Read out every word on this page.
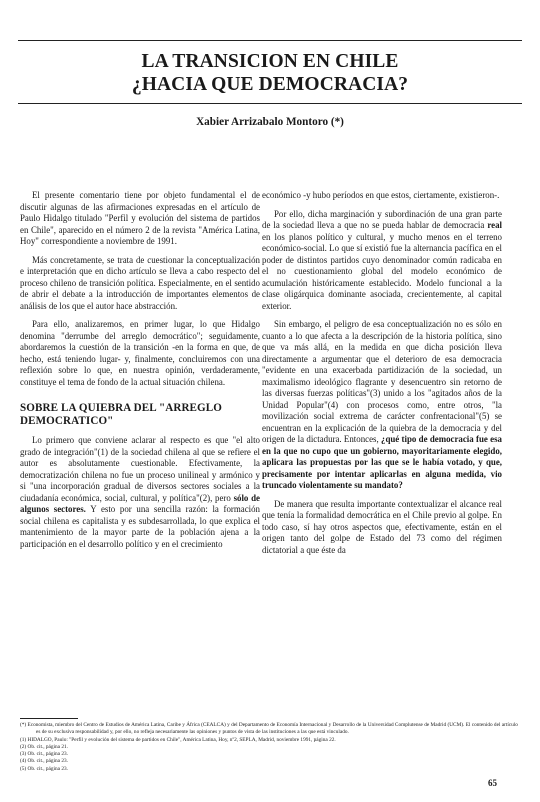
LA TRANSICION EN CHILE
¿HACIA QUE DEMOCRACIA?
Xabier Arrizabalo Montoro (*)

El presente comentario tiene por objeto fundamental el de discutir algunas de las afirmaciones expresadas en el artículo de Paulo Hidalgo titulado "Perfil y evolución del sistema de partidos en Chile", aparecido en el número 2 de la revista "América Latina, Hoy" correspondiente a noviembre de 1991.

Más concretamente, se trata de cuestionar la conceptualización e interpretación que en dicho artículo se lleva a cabo respecto del proceso chileno de transición política. Especialmente, en el sentido de abrir el debate a la introducción de importantes elementos de análisis de los que el autor hace abstracción.

Para ello, analizaremos, en primer lugar, lo que Hidalgo denomina "derrumbe del arreglo democrático"; seguidamente, abordaremos la cuestión de la transición -en la forma en que, de hecho, está teniendo lugar- y, finalmente, concluiremos con una reflexión sobre lo que, en nuestra opinión, verdaderamente, constituye el tema de fondo de la actual situación chilena.

SOBRE LA QUIEBRA DEL "ARREGLO DEMOCRATICO"

Lo primero que conviene aclarar al respecto es que "el alto grado de integración"(1) de la sociedad chilena al que se refiere el autor es absolutamente cuestionable. Efectivamente, la democratización chilena no fue un proceso unilineal y armónico y si "una incorporación gradual de diversos sectores sociales a la ciudadanía económica, social, cultural, y política"(2), pero sólo de algunos sectores. Y esto por una sencilla razón: la formación social chilena es capitalista y es subdesarrollada, lo que explica el mantenimiento de la mayor parte de la población ajena a la participación en el desarrollo político y en el crecimiento

económico -y hubo períodos en que estos, ciertamente, existieron-.

Por ello, dicha marginación y subordinación de una gran parte de la sociedad lleva a que no se pueda hablar de democracia real en los planos político y cultural, y mucho menos en el terreno económico-social. Lo que sí existió fue la alternancia pacífica en el poder de distintos partidos cuyo denominador común radicaba en el no cuestionamiento global del modelo económico de acumulación históricamente establecido. Modelo funcional a la clase oligárquica dominante asociada, crecientemente, al capital exterior.

Sin embargo, el peligro de esa conceptualización no es sólo en cuanto a lo que afecta a la descripción de la historia política, sino que va más allá, en la medida en que dicha posición lleva directamente a argumentar que el deterioro de esa democracia "evidente en una exacerbada partidización de la sociedad, un maximalismo ideológico flagrante y desencuentro sin retorno de las diversas fuerzas políticas"(3) unido a los "agitados años de la Unidad Popular"(4) con procesos como, entre otros, "la movilización social extrema de carácter confrentacional"(5) se encuentran en la explicación de la quiebra de la democracia y del origen de la dictadura. Entonces, ¿qué tipo de democracia fue esa en la que no cupo que un gobierno, mayoritariamente elegido, aplicara las propuestas por las que se le había votado, y que, precisamente por intentar aplicarlas en alguna medida, vio truncado violentamente su mandato?

De manera que resulta importante contextualizar el alcance real que tenía la formalidad democrática en el Chile previo al golpe. En todo caso, sí hay otros aspectos que, efectivamente, están en el origen tanto del golpe de Estado del 73 como del régimen dictatorial a que éste da

(*) Economista, miembro del Centro de Estudios de América Latina, Caribe y África (CEALCA) y del Departamento de Economía Internacional y Desarrollo de la Universidad Complutense de Madrid (UCM). El contenido del artículo es de su exclusiva responsabilidad y, por ello, no refleja necesariamente las opiniones y puntos de vista de las instituciones a las que está vinculado.
(1) HIDALGO, Paulo: "Perfil y evolución del sistema de partidos en Chile", América Latina, Hoy, nº2, SEPLA, Madrid, noviembre 1991, página 22.
(2) Ob. cit., página 21.
(3) Ob. cit., página 23.
(4) Ob. cit., página 23.
(5) Ob. cit., página 23.
65
